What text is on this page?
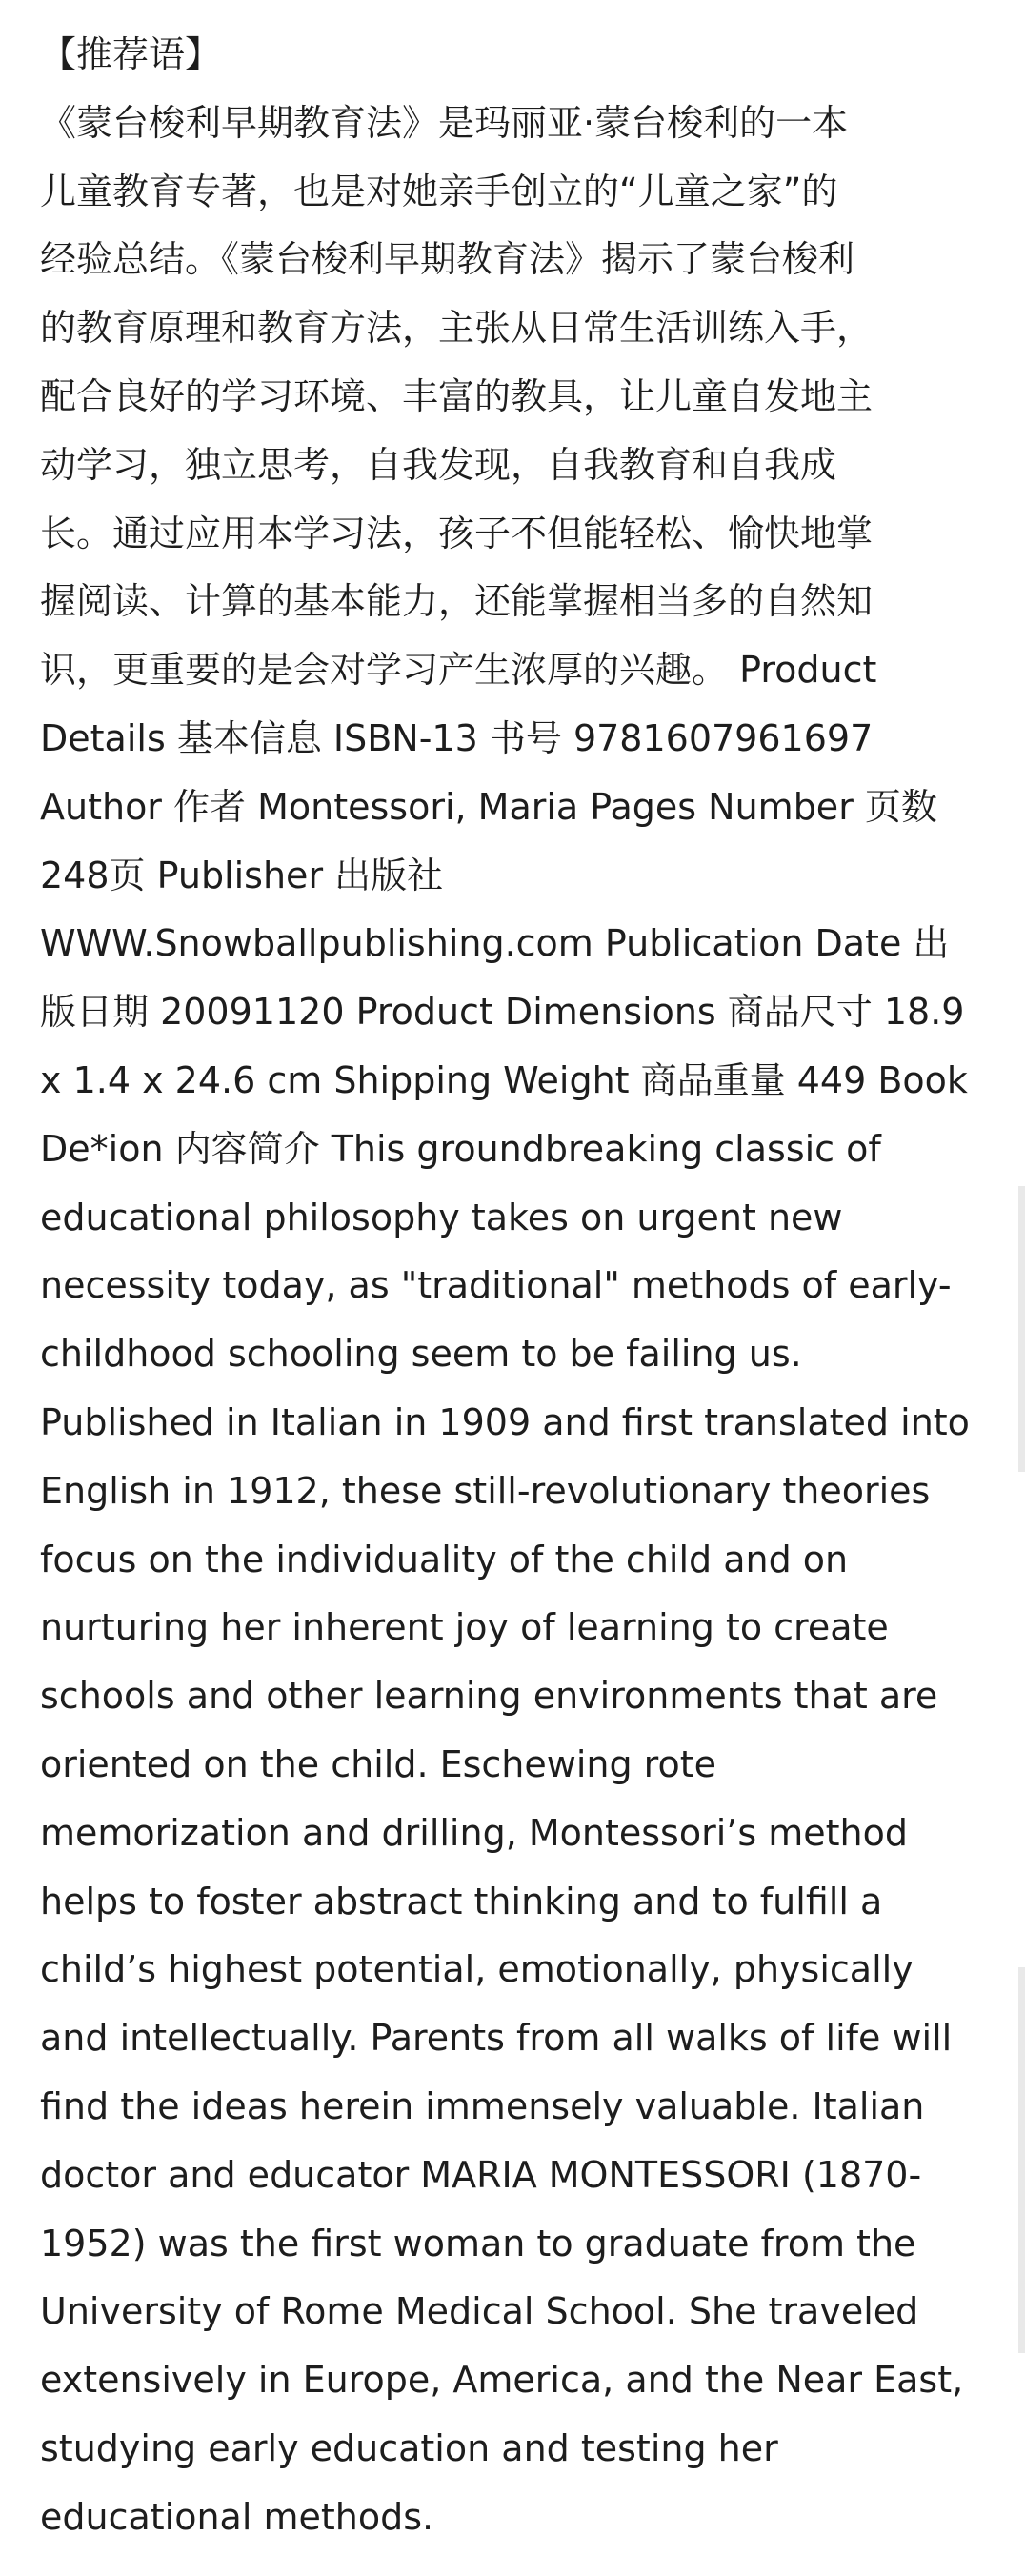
【推荐语】
《蒙台梭利早期教育法》是玛丽亚·蒙台梭利的一本
儿童教育专著，也是对她亲手创立的“儿童之家”的
经验总结。《蒙台梭利早期教育法》揭示了蒙台梭利
的教育原理和教育方法，主张从日常生活训练入手，
配合良好的学习环境、丰富的教具，让儿童自发地主
动学习，独立思考，自我发现，自我教育和自我成
长。通过应用本学习法，孩子不但能轻松、愉快地掌
握阅读、计算的基本能力，还能掌握相当多的自然知
识，更重要的是会对学习产生浓厚的兴趣。 Product
Details 基本信息 ISBN-13 书号 9781607961697
Author 作者 Montessori, Maria Pages Number 页数
248页 Publisher 出版社
WWW.Snowballpublishing.com Publication Date 出
版日期 20091120 Product Dimensions 商品尺寸 18.9
x 1.4 x 24.6 cm Shipping Weight 商品重量 449 Book
De*ion 内容简介 This groundbreaking classic of
educational philosophy takes on urgent new
necessity today, as "traditional" methods of early-
childhood schooling seem to be failing us.
Published in Italian in 1909 and first translated into
English in 1912, these still-revolutionary theories
focus on the individuality of the child and on
nurturing her inherent joy of learning to create
schools and other learning environments that are
oriented on the child. Eschewing rote
memorization and drilling, Montessori’s method
helps to foster abstract thinking and to fulfill a
child’s highest potential, emotionally, physically
and intellectually. Parents from all walks of life will
find the ideas herein immensely valuable. Italian
doctor and educator MARIA MONTESSORI (1870-
1952) was the first woman to graduate from the
University of Rome Medical School. She traveled
extensively in Europe, America, and the Near East,
studying early education and testing her
educational methods.
